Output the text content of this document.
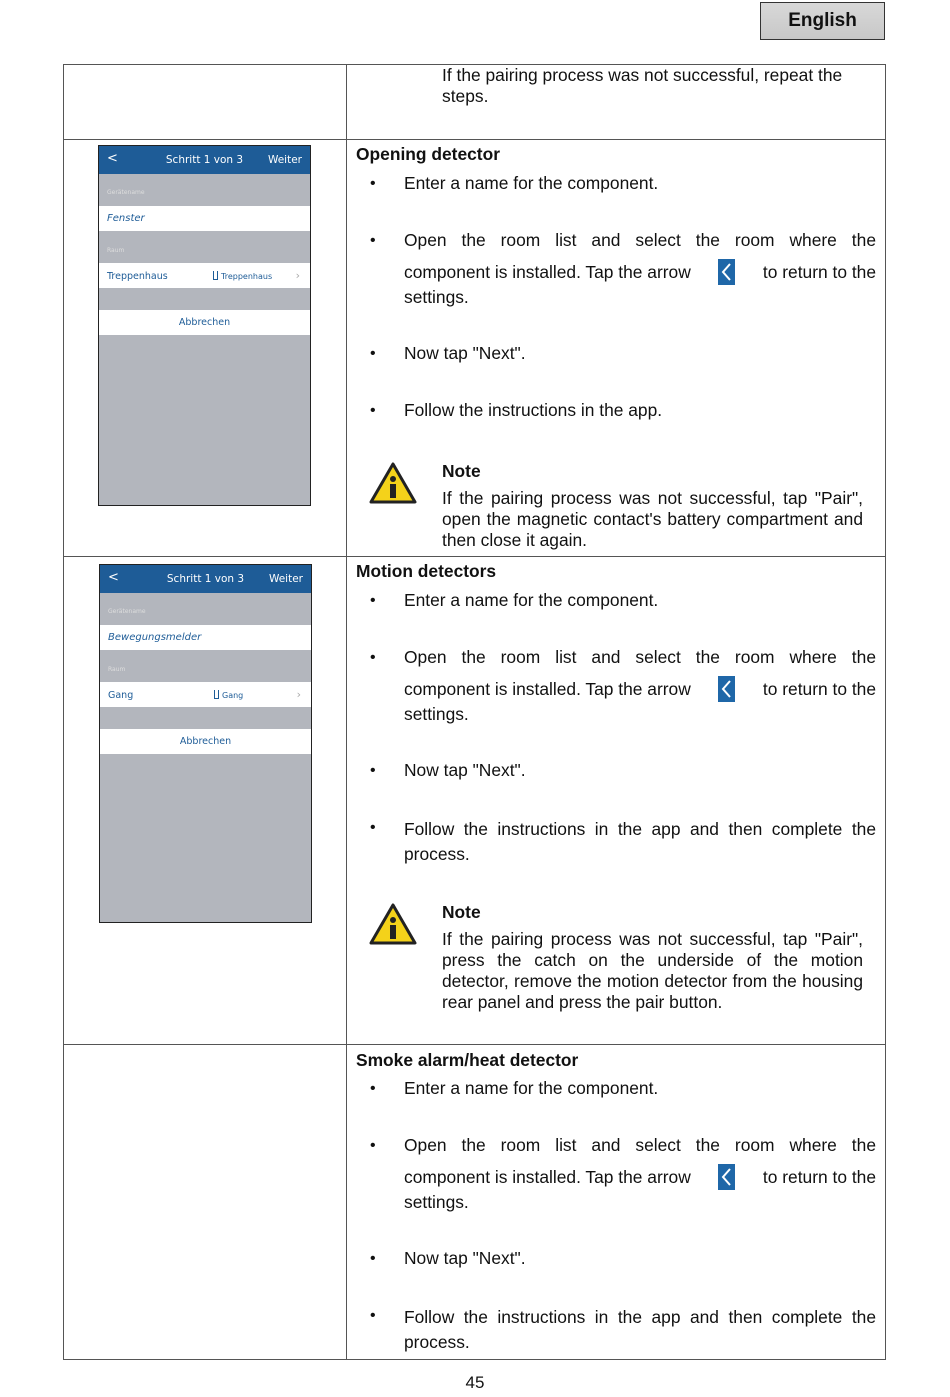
English
If the pairing process was not successful, repeat the steps.
<	Schritt 1 von 3	Weiter
Gerätename
Fenster
Raum
Treppenhaus	Treppenhaus ›
Abbrechen
Opening detector
• Enter a name for the component.
• Open the room list and select the room where the
component is installed. Tap the arrow	to return to the
settings.
• Now tap "Next".
• Follow the instructions in the app.
Note
If the pairing process was not successful, tap "Pair", open the magnetic contact's battery compartment and then close it again.
<	Schritt 1 von 3	Weiter
Gerätename
Bewegungsmelder
Raum
Gang	Gang	›
Abbrechen
Motion detectors
• Enter a name for the component.
• Open the room list and select the room where the
component is installed. Tap the arrow	to return to the
settings.
• Now tap "Next".
• Follow the instructions in the app and then complete the process.
Note
If the pairing process was not successful, tap "Pair", press the catch on the underside of the motion detector, remove the motion detector from the housing rear panel and press the pair button.
Smoke alarm/heat detector
• Enter a name for the component.
• Open the room list and select the room where the
component is installed. Tap the arrow	to return to the
settings.
• Now tap "Next".
• Follow the instructions in the app and then complete the process.
45
